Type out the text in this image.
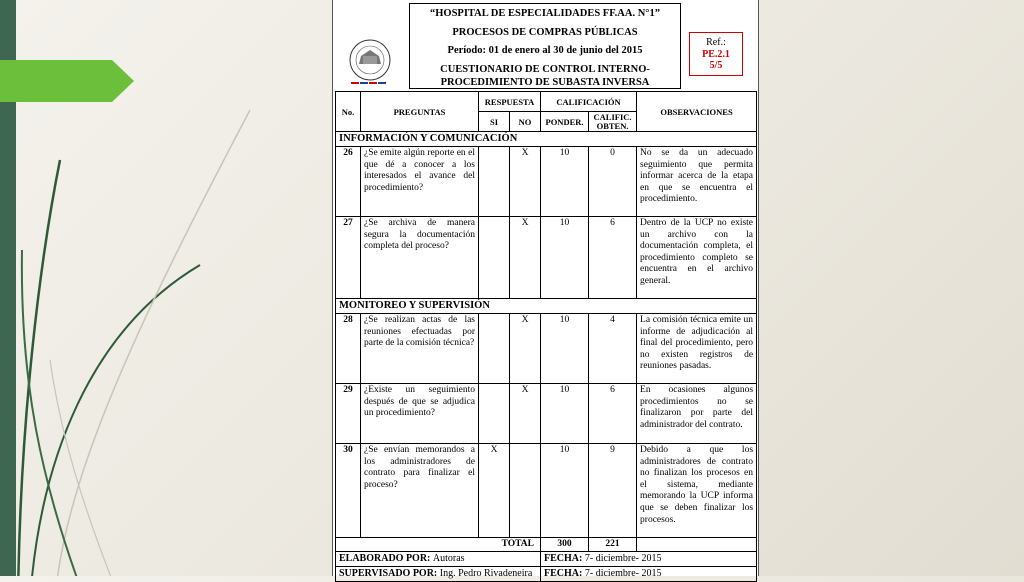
“HOSPITAL DE ESPECIALIDADES FF.AA. N°1”
PROCESOS DE COMPRAS PÚBLICAS
Período: 01 de enero al 30 de junio del 2015
CUESTIONARIO DE CONTROL INTERNO-
PROCEDIMIENTO DE SUBASTA INVERSA
Ref.:
PE.2.1
5/5
No.	PREGUNTAS	RESPUESTA		CALIFICACIÓN		OBSERVACIONES
		SI	NO	PONDER.	CALIFIC. OBTEN.	
INFORMACIÓN Y COMUNICACIÓN						
26	¿Se emite algún reporte en el que dé a conocer a los interesados el avance del procedimiento?		X	10	0	No se da un adecuado seguimiento que permita informar acerca de la etapa en que se encuentra el procedimiento.
27	¿Se archiva de manera segura la documentación completa del proceso?		X	10	6	Dentro de la UCP no existe un archivo con la documentación completa, el procedimiento completo se encuentra en el archivo general.
MONITOREO Y SUPERVISIÓN						
28	¿Se realizan actas de las reuniones efectuadas por parte de la comisión técnica?		X	10	4	La comisión técnica emite un informe de adjudicación al final del procedimiento, pero no existen registros de reuniones pasadas.
29	¿Existe un seguimiento después de que se adjudica un procedimiento?		X	10	6	En ocasiones algunos procedimientos no se finalizaron por parte del administrador del contrato.
30	¿Se envían memorandos a los administradores de contrato para finalizar el proceso?	X		10	9	Debido a que los administradores de contrato no finalizan los procesos en el sistema, mediante memorando la UCP informa que se deben finalizar los procesos.
TOTAL				300	221	
ELABORADO POR: Autoras				FECHA: 7- diciembre- 2015		
SUPERVISADO POR: Ing. Pedro Rivadeneira				FECHA: 7- diciembre- 2015		
